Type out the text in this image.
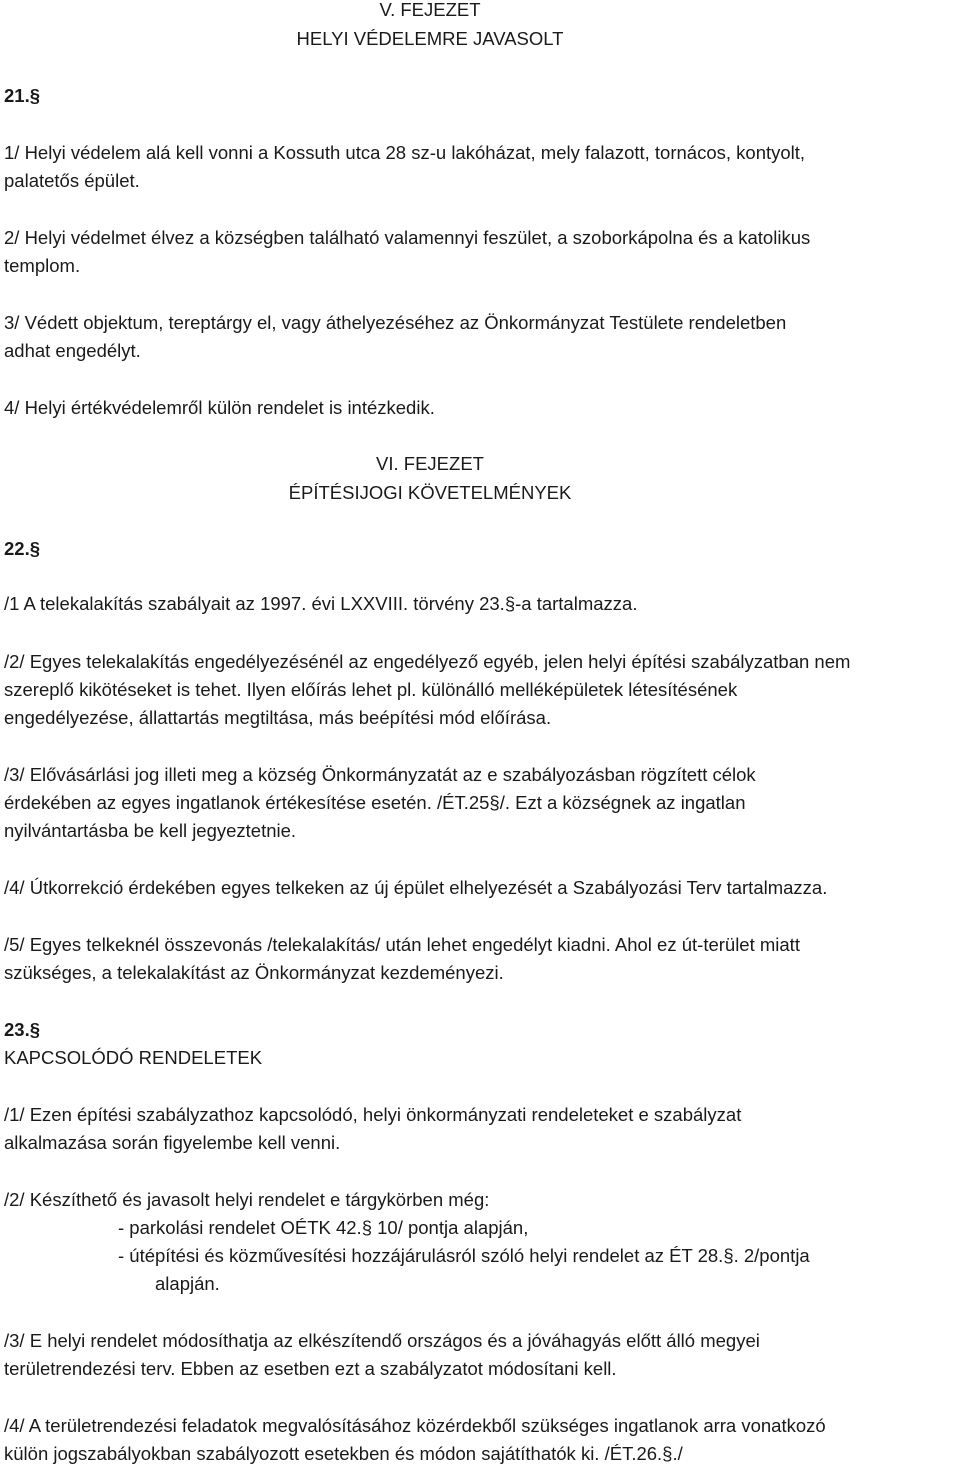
V. FEJEZET

HELYI VÉDELEMRE JAVASOLT

21.§

1/ Helyi védelem alá kell vonni a Kossuth utca 28 sz-u lakóházat, mely falazott, tornácos, kontyolt,

palatetős épület.

2/ Helyi védelmet élvez a községben található valamennyi feszület, a szoborkápolna és a katolikus

templom.

3/ Védett objektum, tereptárgy el, vagy áthelyezéséhez az Önkormányzat Testülete rendeletben

adhat engedélyt.

4/ Helyi értékvédelemről külön rendelet is intézkedik.

VI. FEJEZET

ÉPÍTÉSIJOGI KÖVETELMÉNYEK

22.§

/1 A telekalakítás szabályait az 1997. évi LXXVIII. törvény 23.§-a tartalmazza.

/2/ Egyes telekalakítás engedélyezésénél az engedélyező egyéb, jelen helyi építési szabályzatban nem

szereplő kikötéseket is tehet. Ilyen előírás lehet pl. különálló melléképületek létesítésének

engedélyezése, állattartás megtiltása, más beépítési mód előírása.

/3/ Elővásárlási jog illeti meg a község Önkormányzatát az e szabályozásban rögzített célok

érdekében az egyes ingatlanok értékesítése esetén. /ÉT.25§/. Ezt a községnek az ingatlan

nyilvántartásba be kell jegyeztetnie.

/4/ Útkorrekció érdekében egyes telkeken az új épület elhelyezését a Szabályozási Terv tartalmazza.

/5/ Egyes telkeknél összevonás /telekalakítás/ után lehet engedélyt kiadni. Ahol ez út-terület miatt

szükséges, a telekalakítást az Önkormányzat kezdeményezi.

23.§

KAPCSOLÓDÓ RENDELETEK

/1/ Ezen építési szabályzathoz kapcsolódó, helyi önkormányzati rendeleteket e szabályzat

alkalmazása során figyelembe kell venni.

/2/ Készíthető és javasolt helyi rendelet e tárgykörben még:

- parkolási rendelet OÉTK 42.§ 10/ pontja alapján,

- útépítési és közművesítési hozzájárulásról szóló helyi rendelet az ÉT 28.§. 2/pontja

alapján.

/3/ E helyi rendelet módosíthatja az elkészítendő országos és a jóváhagyás előtt álló megyei

területrendezési terv. Ebben az esetben ezt a szabályzatot módosítani kell.

/4/ A területrendezési feladatok megvalósításához közérdekből szükséges ingatlanok arra vonatkozó

külön jogszabályokban szabályozott esetekben és módon sajátíthatók ki. /ÉT.26.§./
